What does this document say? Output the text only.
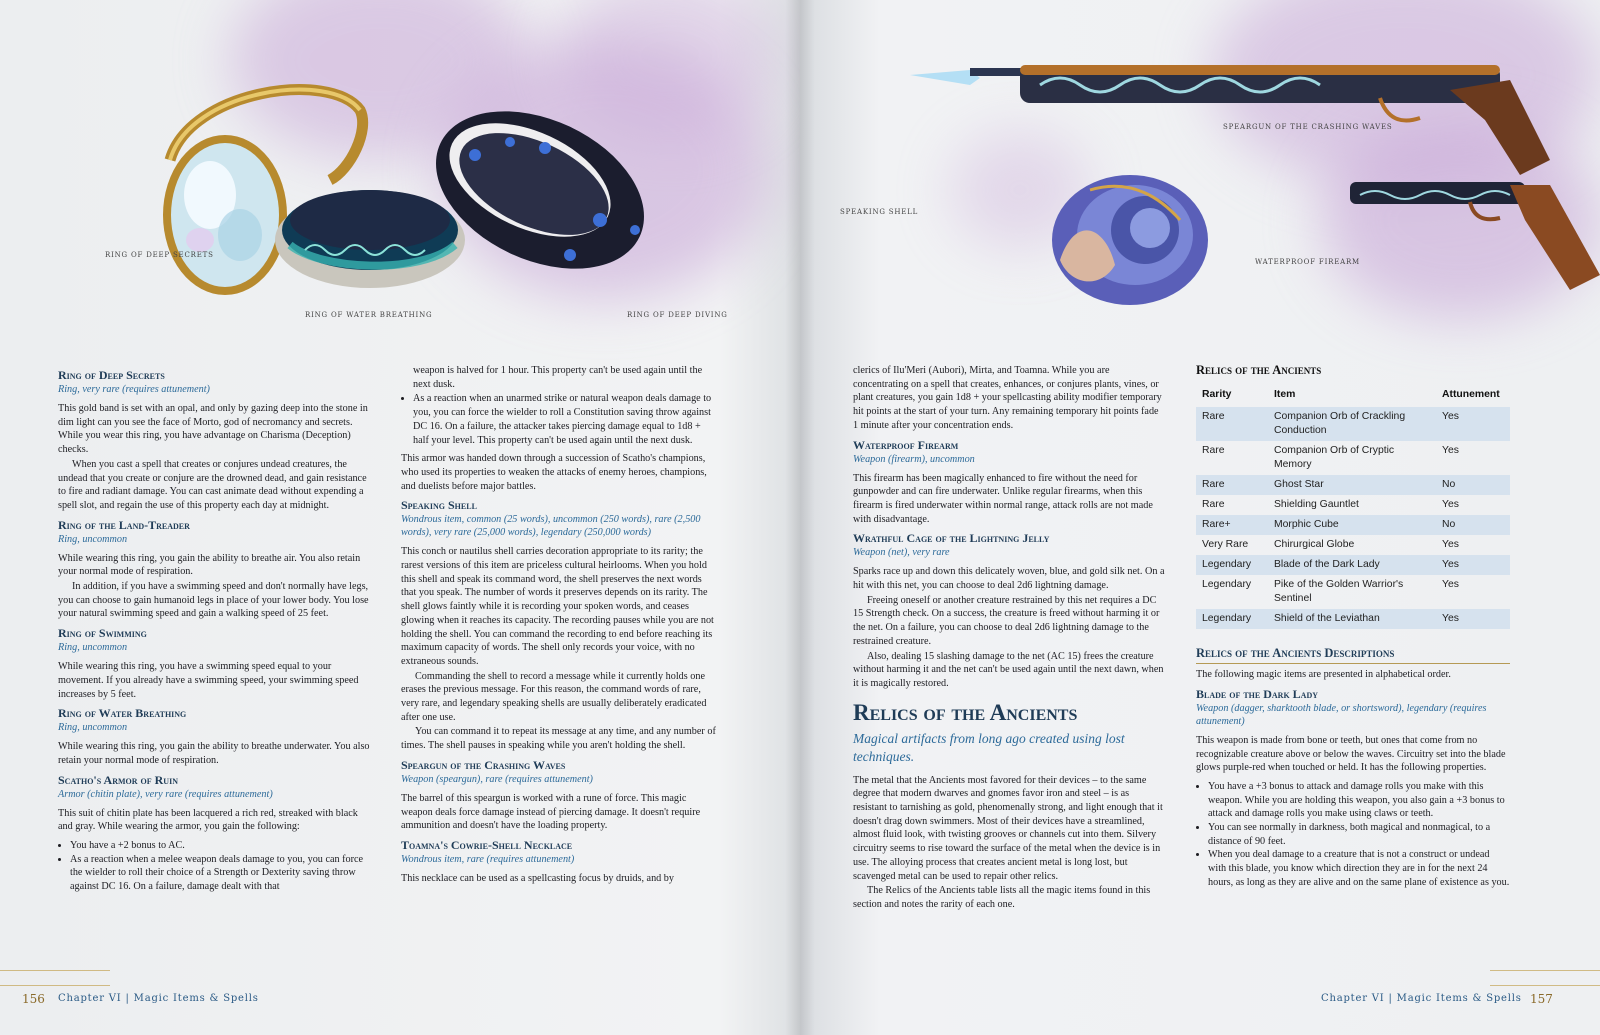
RING OF DEEP SECRETS
RING OF WATER BREATHING	RING OF DEEP DIVING
Ring of Deep Secrets
Ring, very rare (requires attunement)

This gold band is set with an opal, and only by gazing deep into the stone in dim light can you see the face of Morto, god of necromancy and secrets. While you wear this ring, you have advantage on Charisma (Deception) checks.

When you cast a spell that creates or conjures undead creatures, the undead that you create or conjure are the drowned dead, and gain resistance to fire and radiant damage. You can cast animate dead without expending a spell slot, and regain the use of this property each day at midnight.

Ring of the Land-Treader
Ring, uncommon

While wearing this ring, you gain the ability to breathe air. You also retain your normal mode of respiration.

In addition, if you have a swimming speed and don't normally have legs, you can choose to gain humanoid legs in place of your lower body. You lose your natural swimming speed and gain a walking speed of 25 feet.

Ring of Swimming
Ring, uncommon

While wearing this ring, you have a swimming speed equal to your movement. If you already have a swimming speed, your swimming speed increases by 5 feet.

Ring of Water Breathing
Ring, uncommon

While wearing this ring, you gain the ability to breathe underwater. You also retain your normal mode of respiration.

Scatho's Armor of Ruin
Armor (chitin plate), very rare (requires attunement)

This suit of chitin plate has been lacquered a rich red, streaked with black and gray. While wearing the armor, you gain the following:

• You have a +2 bonus to AC.
• As a reaction when a melee weapon deals damage to you, you can force the wielder to roll their choice of a Strength or Dexterity saving throw against DC 16. On a failure, damage dealt with that

weapon is halved for 1 hour. This property can't be used again until the next dusk.

• As a reaction when an unarmed strike or natural weapon deals damage to you, you can force the wielder to roll a Constitution saving throw against DC 16. On a failure, the attacker takes piercing damage equal to 1d8 + half your level. This property can't be used again until the next dusk.

This armor was handed down through a succession of Scatho's champions, who used its properties to weaken the attacks of enemy heroes, champions, and duelists before major battles.

Speaking Shell
Wondrous item, common (25 words), uncommon (250 words), rare (2,500 words), very rare (25,000 words), legendary (250,000 words)

This conch or nautilus shell carries decoration appropriate to its rarity; the rarest versions of this item are priceless cultural heirlooms. When you hold this shell and speak its command word, the shell preserves the next words that you speak. The number of words it preserves depends on its rarity. The shell glows faintly while it is recording your spoken words, and ceases glowing when it reaches its capacity. The recording pauses while you are not holding the shell. You can command the recording to end before reaching its maximum capacity of words. The shell only records your voice, with no extraneous sounds.

Commanding the shell to record a message while it currently holds one erases the previous message. For this reason, the command words of rare, very rare, and legendary speaking shells are usually deliberately eradicated after one use.

You can command it to repeat its message at any time, and any number of times. The shell pauses in speaking while you aren't holding the shell.

Speargun of the Crashing Waves
Weapon (speargun), rare (requires attunement)

The barrel of this speargun is worked with a rune of force. This magic weapon deals force damage instead of piercing damage. It doesn't require ammunition and doesn't have the loading property.

Toamna's Cowrie-Shell Necklace
Wondrous item, rare (requires attunement)

This necklace can be used as a spellcasting focus by druids, and by

156 Chapter VI | Magic Items & Spells
SPEARGUN OF THE CRASHING WAVES
SPEAKING SHELL
WATERPROOF FIREARM

clerics of Ilu'Meri (Aubori), Mirta, and Toamna. While you are concentrating on a spell that creates, enhances, or conjures plants, vines, or plant creatures, you gain 1d8 + your spellcasting ability modifier temporary hit points at the start of your turn. Any remaining temporary hit points fade 1 minute after your concentration ends.

Waterproof Firearm
Weapon (firearm), uncommon

This firearm has been magically enhanced to fire without the need for gunpowder and can fire underwater. Unlike regular firearms, when this firearm is fired underwater within normal range, attack rolls are not made with disadvantage.

Wrathful Cage of the Lightning Jelly
Weapon (net), very rare

Sparks race up and down this delicately woven, blue, and gold silk net. On a hit with this net, you can choose to deal 2d6 lightning damage.

Freeing oneself or another creature restrained by this net requires a DC 15 Strength check. On a success, the creature is freed without harming it or the net. On a failure, you can choose to deal 2d6 lightning damage to the restrained creature.

Also, dealing 15 slashing damage to the net (AC 15) frees the creature without harming it and the net can't be used again until the next dawn, when it is magically restored.

Relics of the Ancients
Magical artifacts from long ago created using lost techniques.

The metal that the Ancients most favored for their devices – to the same degree that modern dwarves and gnomes favor iron and steel – is as resistant to tarnishing as gold, phenomenally strong, and light enough that it doesn't drag down swimmers. Most of their devices have a streamlined, almost fluid look, with twisting grooves or channels cut into them. Silvery circuitry seems to rise toward the surface of the metal when the device is in use. The alloying process that creates ancient metal is long lost, but scavenged metal can be used to repair other relics.

The Relics of the Ancients table lists all the magic items found in this section and notes the rarity of each one.

Relics of the Ancients
Rarity	Item	Attunement
Rare	Companion Orb of Crackling Conduction	Yes
Rare	Companion Orb of Cryptic Memory	Yes
Rare	Ghost Star	No
Rare	Shielding Gauntlet	Yes
Rare+	Morphic Cube	No
Very Rare	Chirurgical Globe	Yes
Legendary	Blade of the Dark Lady	Yes
Legendary	Pike of the Golden Warrior's Sentinel	Yes
Legendary	Shield of the Leviathan	Yes
Relics of the Ancients Descriptions

The following magic items are presented in alphabetical order.

Blade of the Dark Lady
Weapon (dagger, sharktooth blade, or shortsword), legendary (requires attunement)

This weapon is made from bone or teeth, but ones that come from no recognizable creature above or below the waves. Circuitry set into the blade glows purple-red when touched or held. It has the following properties.

• You have a +3 bonus to attack and damage rolls you make with this weapon. While you are holding this weapon, you also gain a +3 bonus to attack and damage rolls you make using claws or teeth.
• You can see normally in darkness, both magical and nonmagical, to a distance of 90 feet.
• When you deal damage to a creature that is not a construct or undead with this blade, you know which direction they are in for the next 24 hours, as long as they are alive and on the same plane of existence as you.
Chapter VI | Magic Items & Spells 157
